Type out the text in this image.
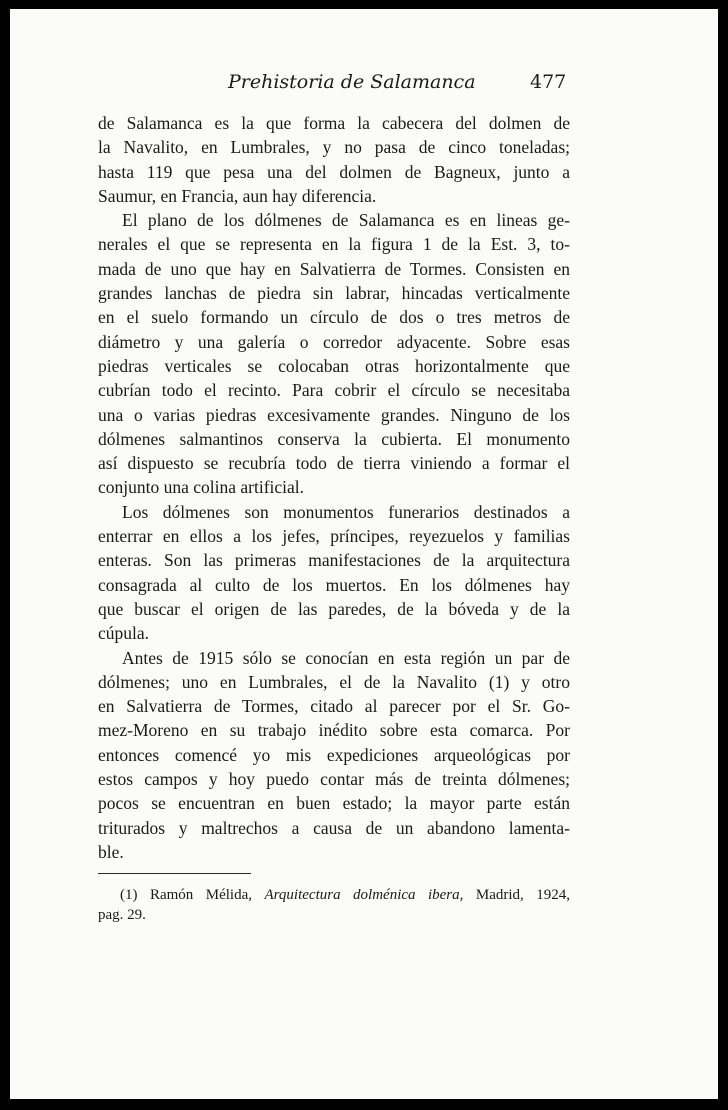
Prehistoria de Salamanca	477
de Salamanca es la que forma la cabecera del dolmen de
la Navalito, en Lumbrales, y no pasa de cinco toneladas;
hasta 119 que pesa una del dolmen de Bagneux, junto a
Saumur, en Francia, aun hay diferencia.
El plano de los dólmenes de Salamanca es en lineas ge-
nerales el que se representa en la figura 1 de la Est. 3, to-
mada de uno que hay en Salvatierra de Tormes. Consisten en
grandes lanchas de piedra sin labrar, hincadas verticalmente
en el suelo formando un círculo de dos o tres metros de
diámetro y una galería o corredor adyacente. Sobre esas
piedras verticales se colocaban otras horizontalmente que
cubrían todo el recinto. Para cobrir el círculo se necesitaba
una o varias piedras excesivamente grandes. Ninguno de los
dólmenes salmantinos conserva la cubierta. El monumento
así dispuesto se recubría todo de tierra viniendo a formar el
conjunto una colina artificial.
Los dólmenes son monumentos funerarios destinados a
enterrar en ellos a los jefes, príncipes, reyezuelos y familias
enteras. Son las primeras manifestaciones de la arquitectura
consagrada al culto de los muertos. En los dólmenes hay
que buscar el origen de las paredes, de la bóveda y de la
cúpula.
Antes de 1915 sólo se conocían en esta región un par de
dólmenes; uno en Lumbrales, el de la Navalito (1) y otro
en Salvatierra de Tormes, citado al parecer por el Sr. Go-
mez-Moreno en su trabajo inédito sobre esta comarca. Por
entonces comencé yo mis expediciones arqueológicas por
estos campos y hoy puedo contar más de treinta dólmenes;
pocos se encuentran en buen estado; la mayor parte están
triturados y maltrechos a causa de un abandono lamenta-
ble.
(1) Ramón Mélida, Arquitectura dolménica ibera, Madrid, 1924,
pag. 29.
